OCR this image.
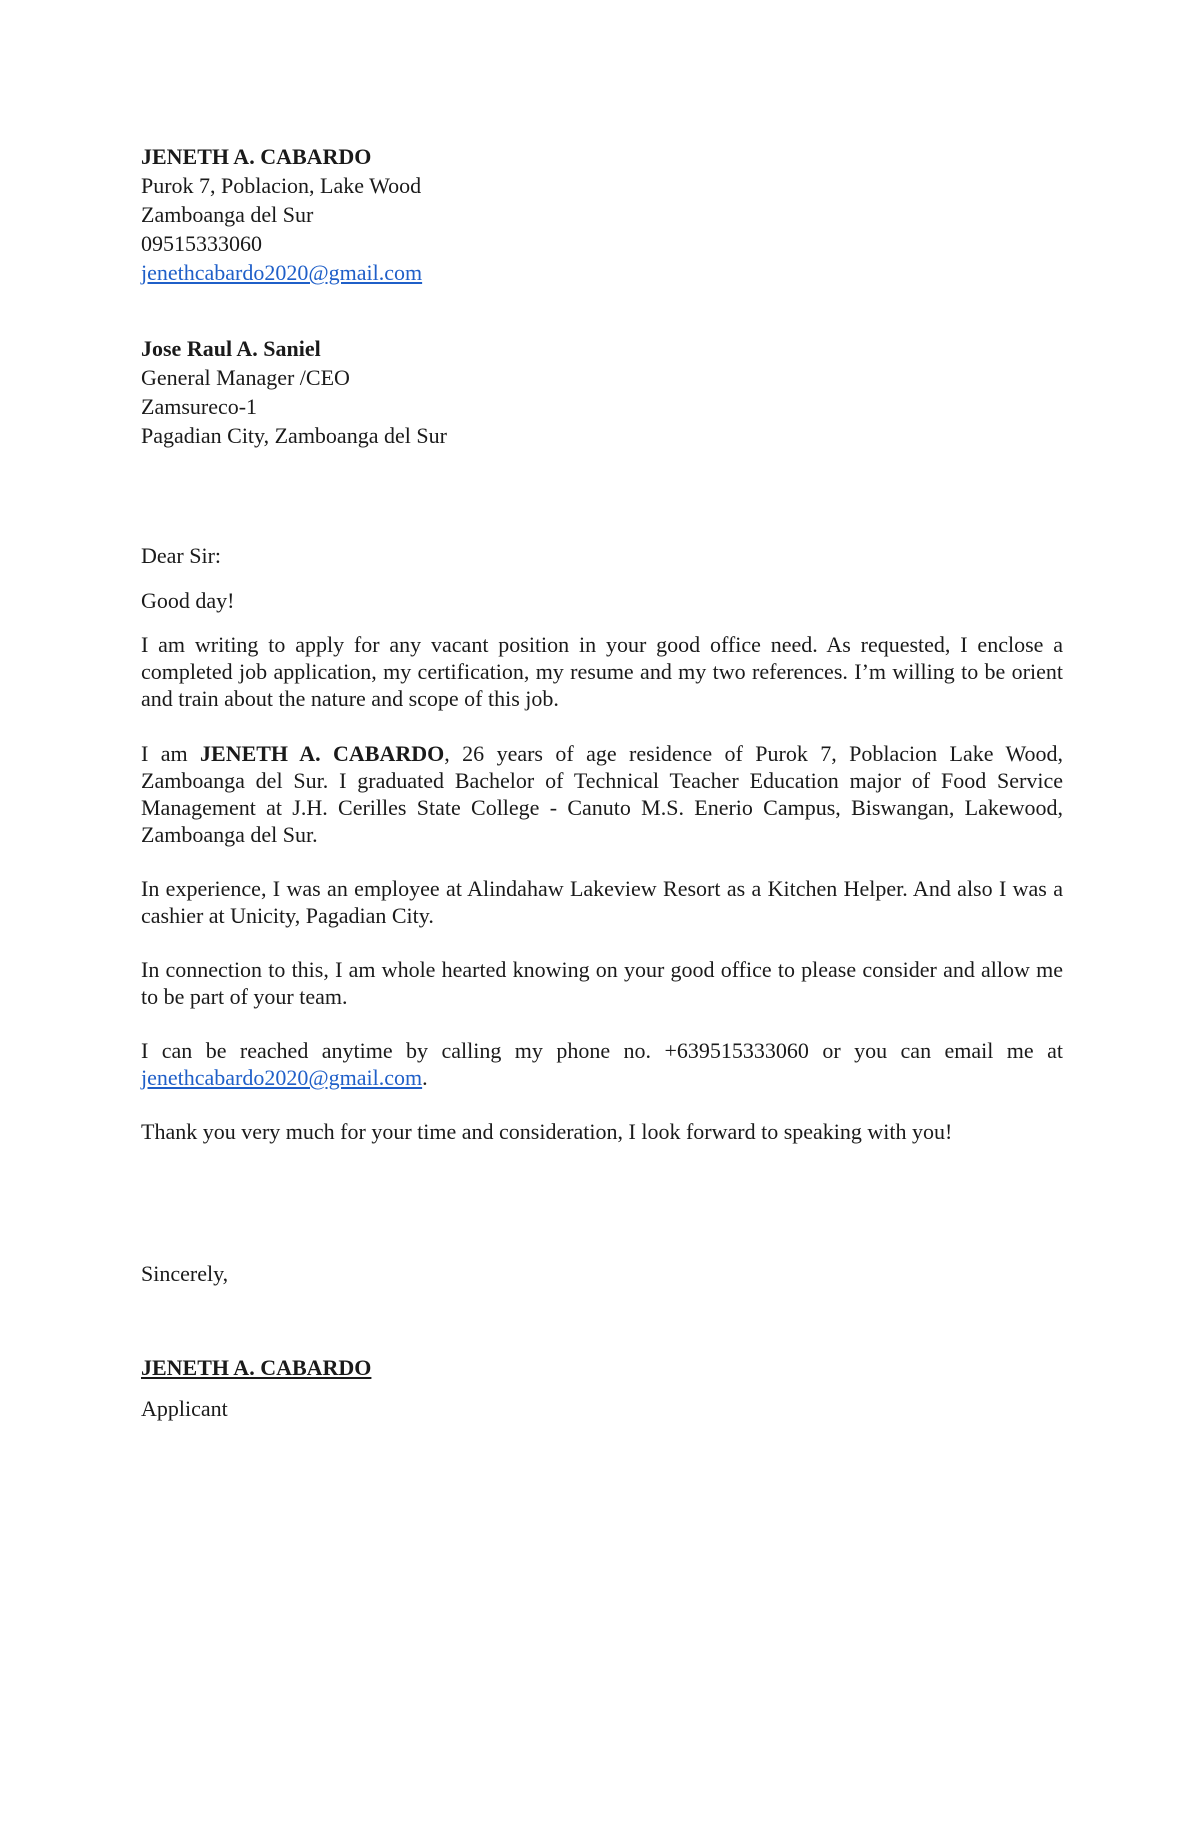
JENETH A. CABARDO
Purok 7, Poblacion, Lake Wood
Zamboanga del Sur
09515333060
jenethcabardo2020@gmail.com
Jose Raul A. Saniel
General Manager /CEO
Zamsureco-1
Pagadian City, Zamboanga del Sur
Dear Sir:
Good day!

I am writing to apply for any vacant position in your good office need. As requested, I enclose a completed job application, my certification, my resume and my two references. I’m willing to be orient and train about the nature and scope of this job.

I am JENETH A. CABARDO, 26 years of age residence of Purok 7, Poblacion Lake Wood, Zamboanga del Sur. I graduated Bachelor of Technical Teacher Education major of Food Service Management at J.H. Cerilles State College - Canuto M.S. Enerio Campus, Biswangan, Lakewood, Zamboanga del Sur.

In experience, I was an employee at Alindahaw Lakeview Resort as a Kitchen Helper. And also I was a cashier at Unicity, Pagadian City.

In connection to this, I am whole hearted knowing on your good office to please consider and allow me to be part of your team.

I can be reached anytime by calling my phone no. +639515333060 or you can email me at jenethcabardo2020@gmail.com.

Thank you very much for your time and consideration, I look forward to speaking with you!

Sincerely,
JENETH A. CABARDO
Applicant
